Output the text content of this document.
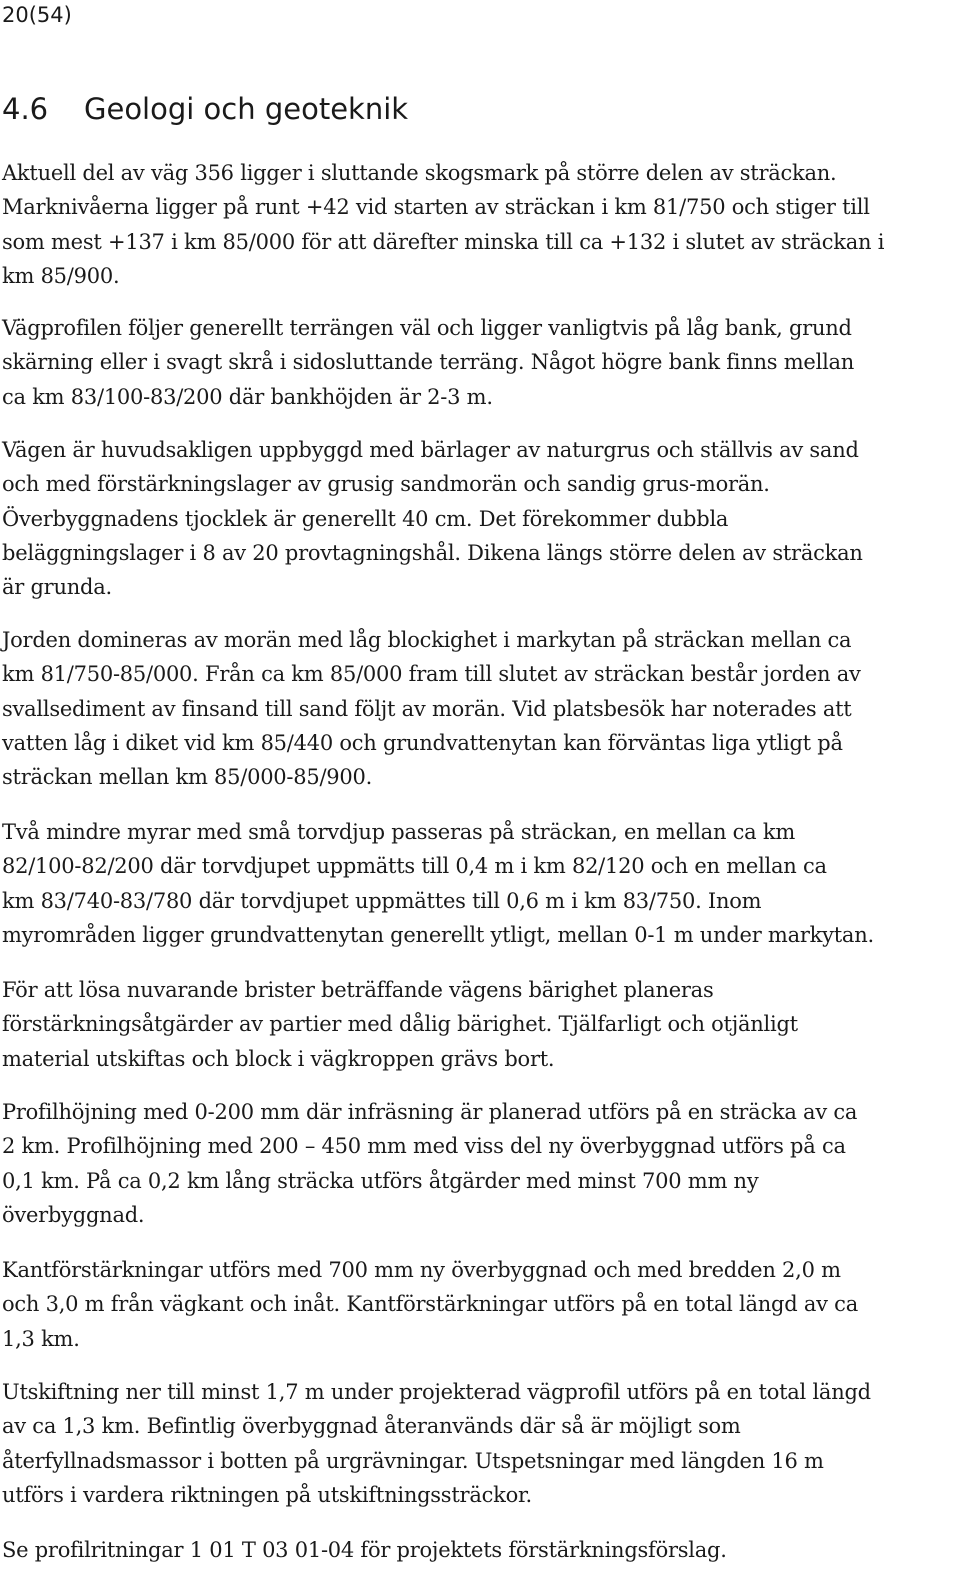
20(54)
4.6 Geologi och geoteknik

Aktuell del av väg 356 ligger i sluttande skogsmark på större delen av sträckan.
Marknivåerna ligger på runt +42 vid starten av sträckan i km 81/750 och stiger till
som mest +137 i km 85/000 för att därefter minska till ca +132 i slutet av sträckan i
km 85/900.

Vägprofilen följer generellt terrängen väl och ligger vanligtvis på låg bank, grund
skärning eller i svagt skrå i sidosluttande terräng. Något högre bank finns mellan
ca km 83/100-83/200 där bankhöjden är 2-3 m.

Vägen är huvudsakligen uppbyggd med bärlager av naturgrus och ställvis av sand
och med förstärkningslager av grusig sandmorän och sandig grus-morän.
Överbyggnadens tjocklek är generellt 40 cm. Det förekommer dubbla
beläggningslager i 8 av 20 provtagningshål. Dikena längs större delen av sträckan
är grunda.

Jorden domineras av morän med låg blockighet i markytan på sträckan mellan ca
km 81/750-85/000. Från ca km 85/000 fram till slutet av sträckan består jorden av
svallsediment av finsand till sand följt av morän. Vid platsbesök har noterades att
vatten låg i diket vid km 85/440 och grundvattenytan kan förväntas liga ytligt på
sträckan mellan km 85/000-85/900.

Två mindre myrar med små torvdjup passeras på sträckan, en mellan ca km
82/100-82/200 där torvdjupet uppmätts till 0,4 m i km 82/120 och en mellan ca
km 83/740-83/780 där torvdjupet uppmättes till 0,6 m i km 83/750. Inom
myrområden ligger grundvattenytan generellt ytligt, mellan 0-1 m under markytan.

För att lösa nuvarande brister beträffande vägens bärighet planeras
förstärkningsåtgärder av partier med dålig bärighet. Tjälfarligt och otjänligt
material utskiftas och block i vägkroppen grävs bort.

Profilhöjning med 0-200 mm där infräsning är planerad utförs på en sträcka av ca
2 km. Profilhöjning med 200 – 450 mm med viss del ny överbyggnad utförs på ca
0,1 km. På ca 0,2 km lång sträcka utförs åtgärder med minst 700 mm ny
överbyggnad.

Kantförstärkningar utförs med 700 mm ny överbyggnad och med bredden 2,0 m
och 3,0 m från vägkant och inåt. Kantförstärkningar utförs på en total längd av ca
1,3 km.

Utskiftning ner till minst 1,7 m under projekterad vägprofil utförs på en total längd
av ca 1,3 km. Befintlig överbyggnad återanvänds där så är möjligt som
återfyllnadsmassor i botten på urgrävningar. Utspetsningar med längden 16 m
utförs i vardera riktningen på utskiftningssträckor.

Se profilritningar 1 01 T 03 01-04 för projektets förstärkningsförslag.
